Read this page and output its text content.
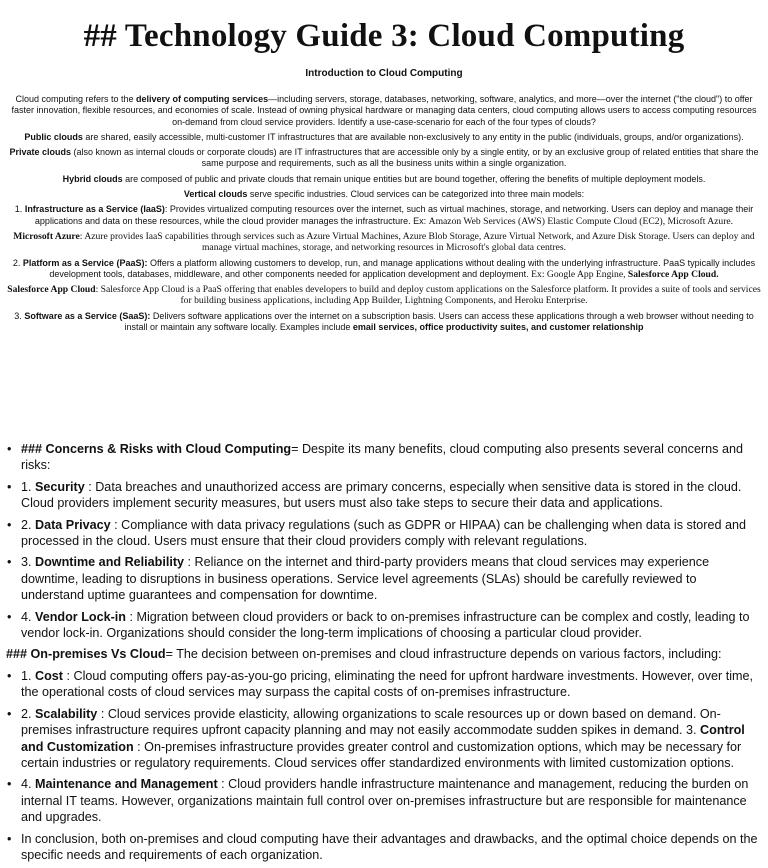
## Technology Guide 3: Cloud Computing
Introduction to Cloud Computing

Cloud computing refers to the delivery of computing services—including servers, storage, databases, networking, software, analytics, and more—over the internet ("the cloud") to offer faster innovation, flexible resources, and economies of scale. Instead of owning physical hardware or managing data centers, cloud computing allows users to access computing resources on-demand from cloud service providers. Identify a use-case-scenario for each of the four types of clouds?

Public clouds are shared, easily accessible, multi-customer IT infrastructures that are available non-exclusively to any entity in the public (individuals, groups, and/or organizations).

Private clouds (also known as internal clouds or corporate clouds) are IT infrastructures that are accessible only by a single entity, or by an exclusive group of related entities that share the same purpose and requirements, such as all the business units within a single organization.

Hybrid clouds are composed of public and private clouds that remain unique entities but are bound together, offering the benefits of multiple deployment models.

Vertical clouds serve specific industries. Cloud services can be categorized into three main models:

1. Infrastructure as a Service (IaaS): Provides virtualized computing resources over the internet, such as virtual machines, storage, and networking. Users can deploy and manage their applications and data on these resources, while the cloud provider manages the infrastructure. Ex: Amazon Web Services (AWS) Elastic Compute Cloud (EC2), Microsoft Azure.

Microsoft Azure: Azure provides IaaS capabilities through services such as Azure Virtual Machines, Azure Blob Storage, Azure Virtual Network, and Azure Disk Storage. Users can deploy and manage virtual machines, storage, and networking resources in Microsoft's global data centres.

2. Platform as a Service (PaaS): Offers a platform allowing customers to develop, run, and manage applications without dealing with the underlying infrastructure. PaaS typically includes development tools, databases, middleware, and other components needed for application development and deployment. Ex: Google App Engine, Salesforce App Cloud.

Salesforce App Cloud: Salesforce App Cloud is a PaaS offering that enables developers to build and deploy custom applications on the Salesforce platform. It provides a suite of tools and services for building business applications, including App Builder, Lightning Components, and Heroku Enterprise.

3. Software as a Service (SaaS): Delivers software applications over the internet on a subscription basis. Users can access these applications through a web browser without needing to install or maintain any software locally. Examples include email services, office productivity suites, and customer relationship

• ### Concerns & Risks with Cloud Computing= Despite its many benefits, cloud computing also presents several concerns and risks:
• 1. Security : Data breaches and unauthorized access are primary concerns, especially when sensitive data is stored in the cloud. Cloud providers implement security measures, but users must also take steps to secure their data and applications.
• 2. Data Privacy : Compliance with data privacy regulations (such as GDPR or HIPAA) can be challenging when data is stored and processed in the cloud. Users must ensure that their cloud providers comply with relevant regulations.
• 3. Downtime and Reliability : Reliance on the internet and third-party providers means that cloud services may experience downtime, leading to disruptions in business operations. Service level agreements (SLAs) should be carefully reviewed to understand uptime guarantees and compensation for downtime.
• 4. Vendor Lock-in : Migration between cloud providers or back to on-premises infrastructure can be complex and costly, leading to vendor lock-in. Organizations should consider the long-term implications of choosing a particular cloud provider.
### On-premises Vs Cloud= The decision between on-premises and cloud infrastructure depends on various factors, including:
• 1. Cost : Cloud computing offers pay-as-you-go pricing, eliminating the need for upfront hardware investments. However, over time, the operational costs of cloud services may surpass the capital costs of on-premises infrastructure.
• 2. Scalability : Cloud services provide elasticity, allowing organizations to scale resources up or down based on demand. On-premises infrastructure requires upfront capacity planning and may not easily accommodate sudden spikes in demand. 3. Control and Customization : On-premises infrastructure provides greater control and customization options, which may be necessary for certain industries or regulatory requirements. Cloud services offer standardized environments with limited customization options.
• 4. Maintenance and Management : Cloud providers handle infrastructure maintenance and management, reducing the burden on internal IT teams. However, organizations maintain full control over on-premises infrastructure but are responsible for maintenance and upgrades.
• In conclusion, both on-premises and cloud computing have their advantages and drawbacks, and the optimal choice depends on the specific needs and requirements of each organization.
